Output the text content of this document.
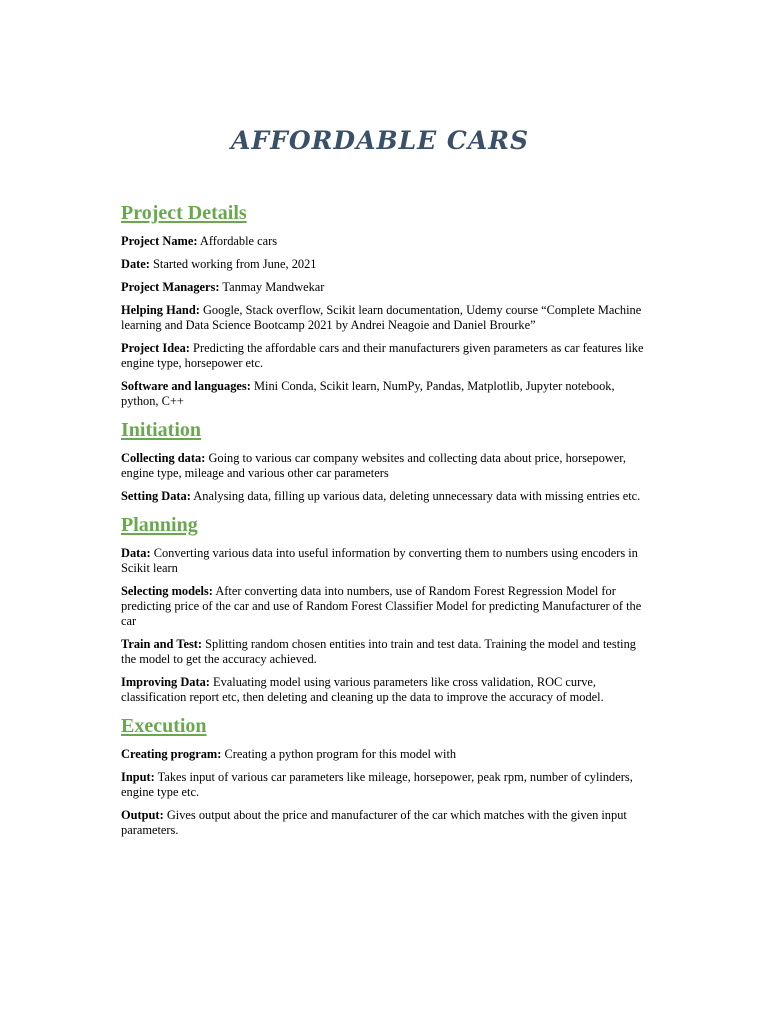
AFFORDABLE CARS
Project Details

Project Name: Affordable cars

Date: Started working from June, 2021

Project Managers: Tanmay Mandwekar

Helping Hand: Google, Stack overflow, Scikit learn documentation, Udemy course “Complete Machine learning and Data Science Bootcamp 2021 by Andrei Neagoie and Daniel Brourke”

Project Idea: Predicting the affordable cars and their manufacturers given parameters as car features like engine type, horsepower etc.

Software and languages: Mini Conda, Scikit learn, NumPy, Pandas, Matplotlib, Jupyter notebook, python, C++

Initiation

Collecting data: Going to various car company websites and collecting data about price, horsepower, engine type, mileage and various other car parameters

Setting Data: Analysing data, filling up various data, deleting unnecessary data with missing entries etc.

Planning

Data: Converting various data into useful information by converting them to numbers using encoders in Scikit learn

Selecting models: After converting data into numbers, use of Random Forest Regression Model for predicting price of the car and use of Random Forest Classifier Model for predicting Manufacturer of the car

Train and Test: Splitting random chosen entities into train and test data. Training the model and testing the model to get the accuracy achieved.

Improving Data: Evaluating model using various parameters like cross validation, ROC curve, classification report etc, then deleting and cleaning up the data to improve the accuracy of model.

Execution

Creating program: Creating a python program for this model with

Input: Takes input of various car parameters like mileage, horsepower, peak rpm, number of cylinders, engine type etc.

Output: Gives output about the price and manufacturer of the car which matches with the given input parameters.
